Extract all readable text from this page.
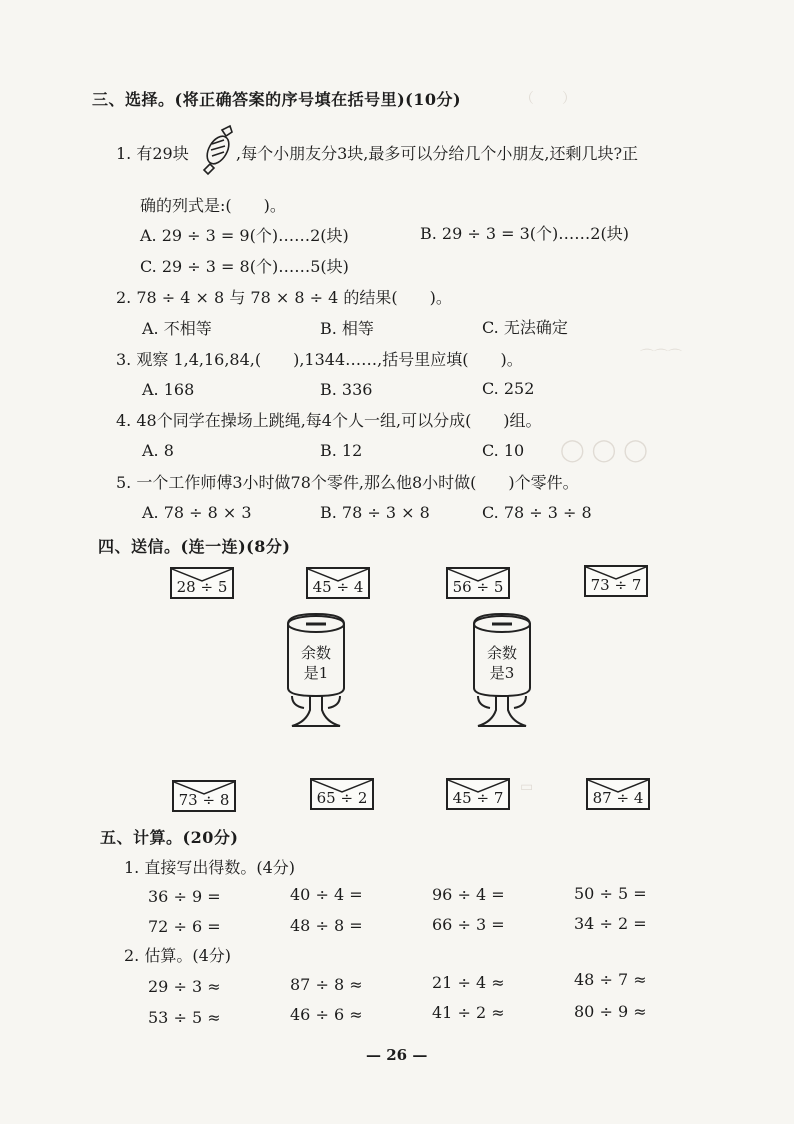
（　　）
⌒⌒⌒
◯ ◯ ◯
▭
三、选择。(将正确答案的序号填在括号里)(10分)
1. 有29块	,每个小朋友分3块,最多可以分给几个小朋友,还剩几块?正
确的列式是:(　　)。
A. 29 ÷ 3 = 9(个)……2(块)	B. 29 ÷ 3 = 3(个)……2(块)
C. 29 ÷ 3 = 8(个)……5(块)
2. 78 ÷ 4 × 8 与 78 × 8 ÷ 4 的结果(　　)。
A. 不相等	B. 相等	C. 无法确定
3. 观察 1,4,16,84,(　　),1344……,括号里应填(　　)。
A. 168	B. 336	C. 252
4. 48个同学在操场上跳绳,每4个人一组,可以分成(　　)组。
A. 8	B. 12	C. 10
5. 一个工作师傅3小时做78个零件,那么他8小时做(　　)个零件。
A. 78 ÷ 8 × 3	B. 78 ÷ 3 × 8	C. 78 ÷ 3 ÷ 8
四、送信。(连一连)(8分)
28 ÷ 5	45 ÷ 4	56 ÷ 5	73 ÷ 7
余数
是1
余数
是3
73 ÷ 8	65 ÷ 2	45 ÷ 7	87 ÷ 4
五、计算。(20分)
1. 直接写出得数。(4分)
36 ÷ 9 =	40 ÷ 4 =	96 ÷ 4 =	50 ÷ 5 =
72 ÷ 6 =	48 ÷ 8 =	66 ÷ 3 =	34 ÷ 2 =
2. 估算。(4分)
29 ÷ 3 ≈	87 ÷ 8 ≈	21 ÷ 4 ≈	48 ÷ 7 ≈
53 ÷ 5 ≈	46 ÷ 6 ≈	41 ÷ 2 ≈	80 ÷ 9 ≈
— 26 —
